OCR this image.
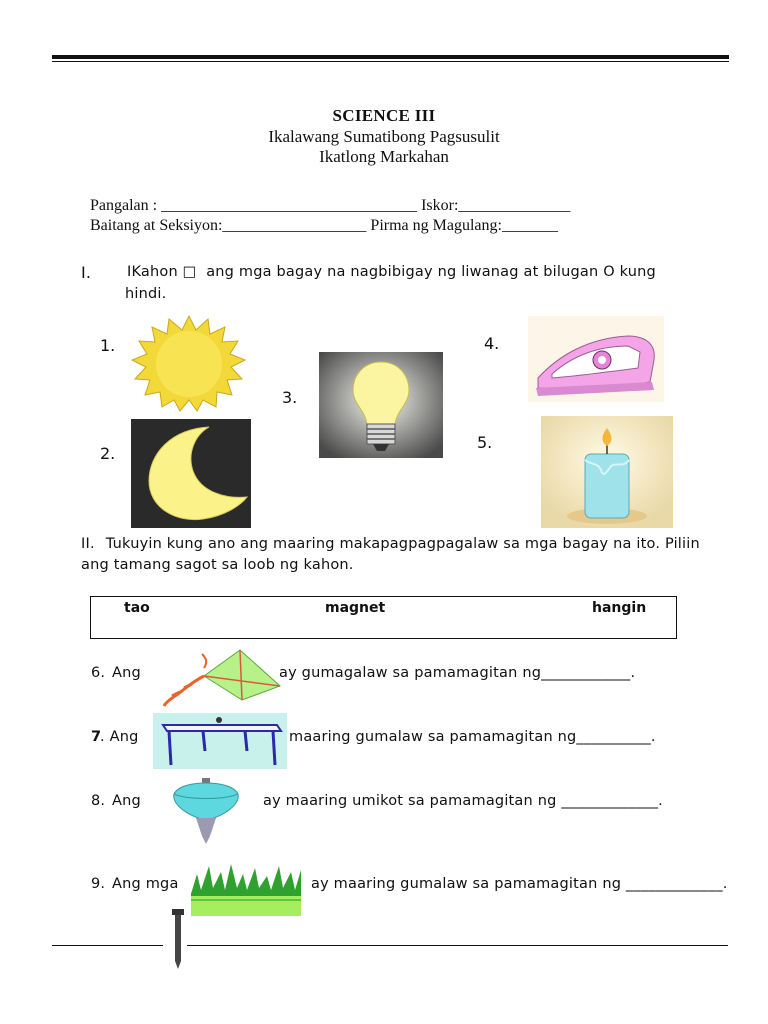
SCIENCE III
Ikalawang Sumatibong Pagsusulit
Ikatlong Markahan
Pangalan : ________________________________ Iskor:______________
Baitang at Seksiyon:__________________ Pirma ng Magulang:_______
I. IKahon □  ang mga bagay na nagbibigay ng liwanag at bilugan O kung
hindi.
1.
2.
3.
4.
5.
II. Tukuyin kung ano ang maaring makapagpagpagalaw sa mga bagay na ito. Piliin
ang tamang sagot sa loob ng kahon.
tao	magnet	hangin
6. Ang	ay gumagalaw sa pamamagitan ng____________.
7
. Ang	maaring gumalaw sa pamamagitan ng__________.
8. Ang	ay maaring umikot sa pamamagitan ng _____________.
9. Ang mga	ay maaring gumalaw sa pamamagitan ng _____________.
